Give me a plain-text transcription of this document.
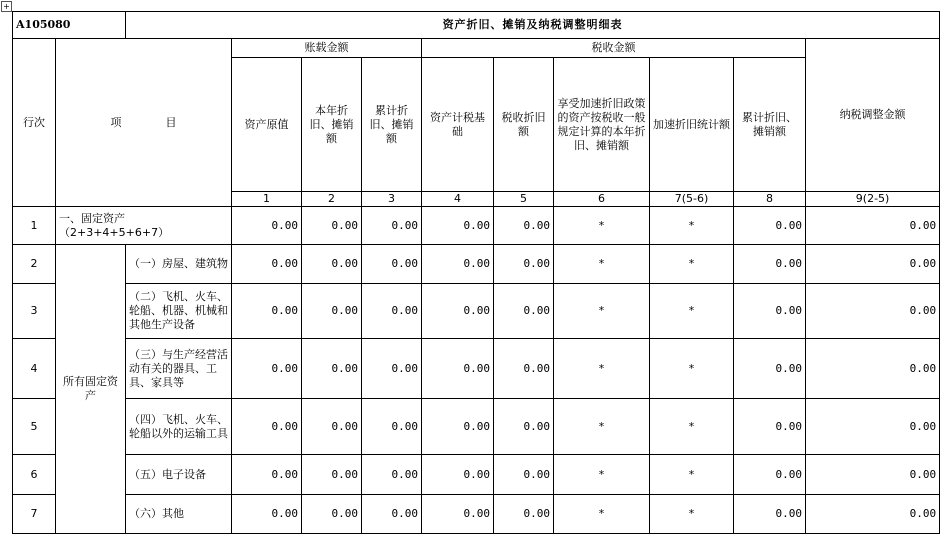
+
A105080		资产折旧、摊销及纳税调整明细表									
行次	项　　　　目		账载金额			税收金额					纳税调整金额
			资产原值	本年折旧、摊销额	累计折旧、摊销额	资产计税基础	税收折旧额	享受加速折旧政策的资产按税收一般规定计算的本年折旧、摊销额	加速折旧统计额	累计折旧、摊销额	
			1	2	3	4	5	6	7(5-6)	8	9(2-5)
1	一、固定资产（2+3+4+5+6+7）		0.00	0.00	0.00	0.00	0.00	*	*	0.00	0.00
2	所有固定资产	（一）房屋、建筑物	0.00	0.00	0.00	0.00	0.00	*	*	0.00	0.00
3		（二）飞机、火车、轮船、机器、机械和其他生产设备	0.00	0.00	0.00	0.00	0.00	*	*	0.00	0.00
4		（三）与生产经营活动有关的器具、工具、家具等	0.00	0.00	0.00	0.00	0.00	*	*	0.00	0.00
5		（四）飞机、火车、轮船以外的运输工具	0.00	0.00	0.00	0.00	0.00	*	*	0.00	0.00
6		（五）电子设备	0.00	0.00	0.00	0.00	0.00	*	*	0.00	0.00
7		（六）其他	0.00	0.00	0.00	0.00	0.00	*	*	0.00	0.00
